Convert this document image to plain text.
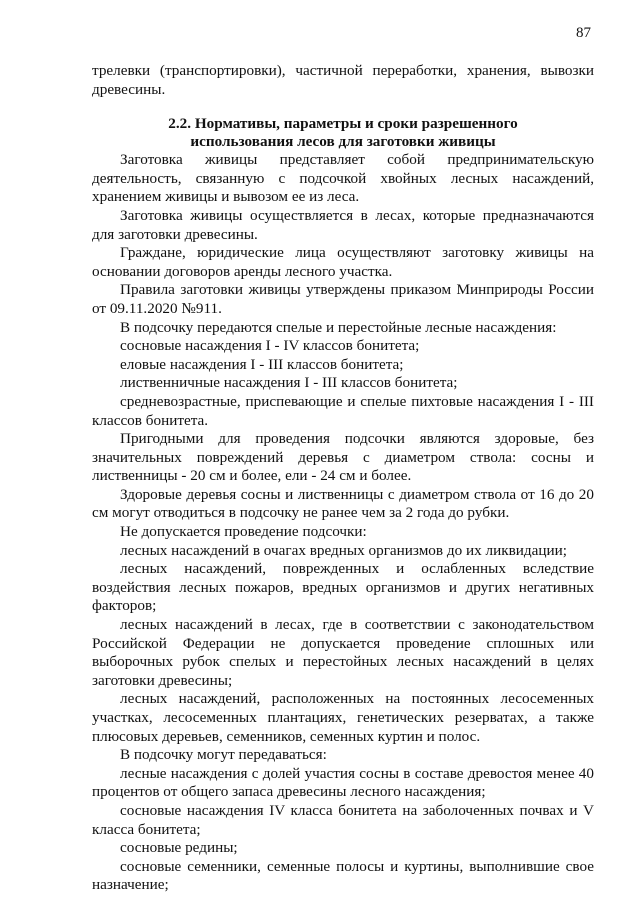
87

трелевки (транспортировки), частичной переработки, хранения, вывозки древесины.

2.2. Нормативы, параметры и сроки разрешенного
использования лесов для заготовки живицы

Заготовка живицы представляет собой предпринимательскую деятельность, связанную с подсочкой хвойных лесных насаждений, хранением живицы и вывозом ее из леса.

Заготовка живицы осуществляется в лесах, которые предназначаются для заготовки древесины.

Граждане, юридические лица осуществляют заготовку живицы на основании договоров аренды лесного участка.

Правила заготовки живицы утверждены приказом Минприроды России от 09.11.2020 №911.

В подсочку передаются спелые и перестойные лесные насаждения:

сосновые насаждения I - IV классов бонитета;

еловые насаждения I - III классов бонитета;

лиственничные насаждения I - III классов бонитета;

средневозрастные, приспевающие и спелые пихтовые насаждения I - III классов бонитета.

Пригодными для проведения подсочки являются здоровые, без значительных повреждений деревья с диаметром ствола: сосны и лиственницы - 20 см и более, ели - 24 см и более.

Здоровые деревья сосны и лиственницы с диаметром ствола от 16 до 20 см могут отводиться в подсочку не ранее чем за 2 года до рубки.

Не допускается проведение подсочки:

лесных насаждений в очагах вредных организмов до их ликвидации;

лесных насаждений, поврежденных и ослабленных вследствие воздействия лесных пожаров, вредных организмов и других негативных факторов;

лесных насаждений в лесах, где в соответствии с законодательством Российской Федерации не допускается проведение сплошных или выборочных рубок спелых и перестойных лесных насаждений в целях заготовки древесины;

лесных насаждений, расположенных на постоянных лесосеменных участках, лесосеменных плантациях, генетических резерватах, а также плюсовых деревьев, семенников, семенных куртин и полос.

В подсочку могут передаваться:

лесные насаждения с долей участия сосны в составе древостоя менее 40 процентов от общего запаса древесины лесного насаждения;

сосновые насаждения IV класса бонитета на заболоченных почвах и V класса бонитета;

сосновые редины;

сосновые семенники, семенные полосы и куртины, выполнившие свое назначение;
